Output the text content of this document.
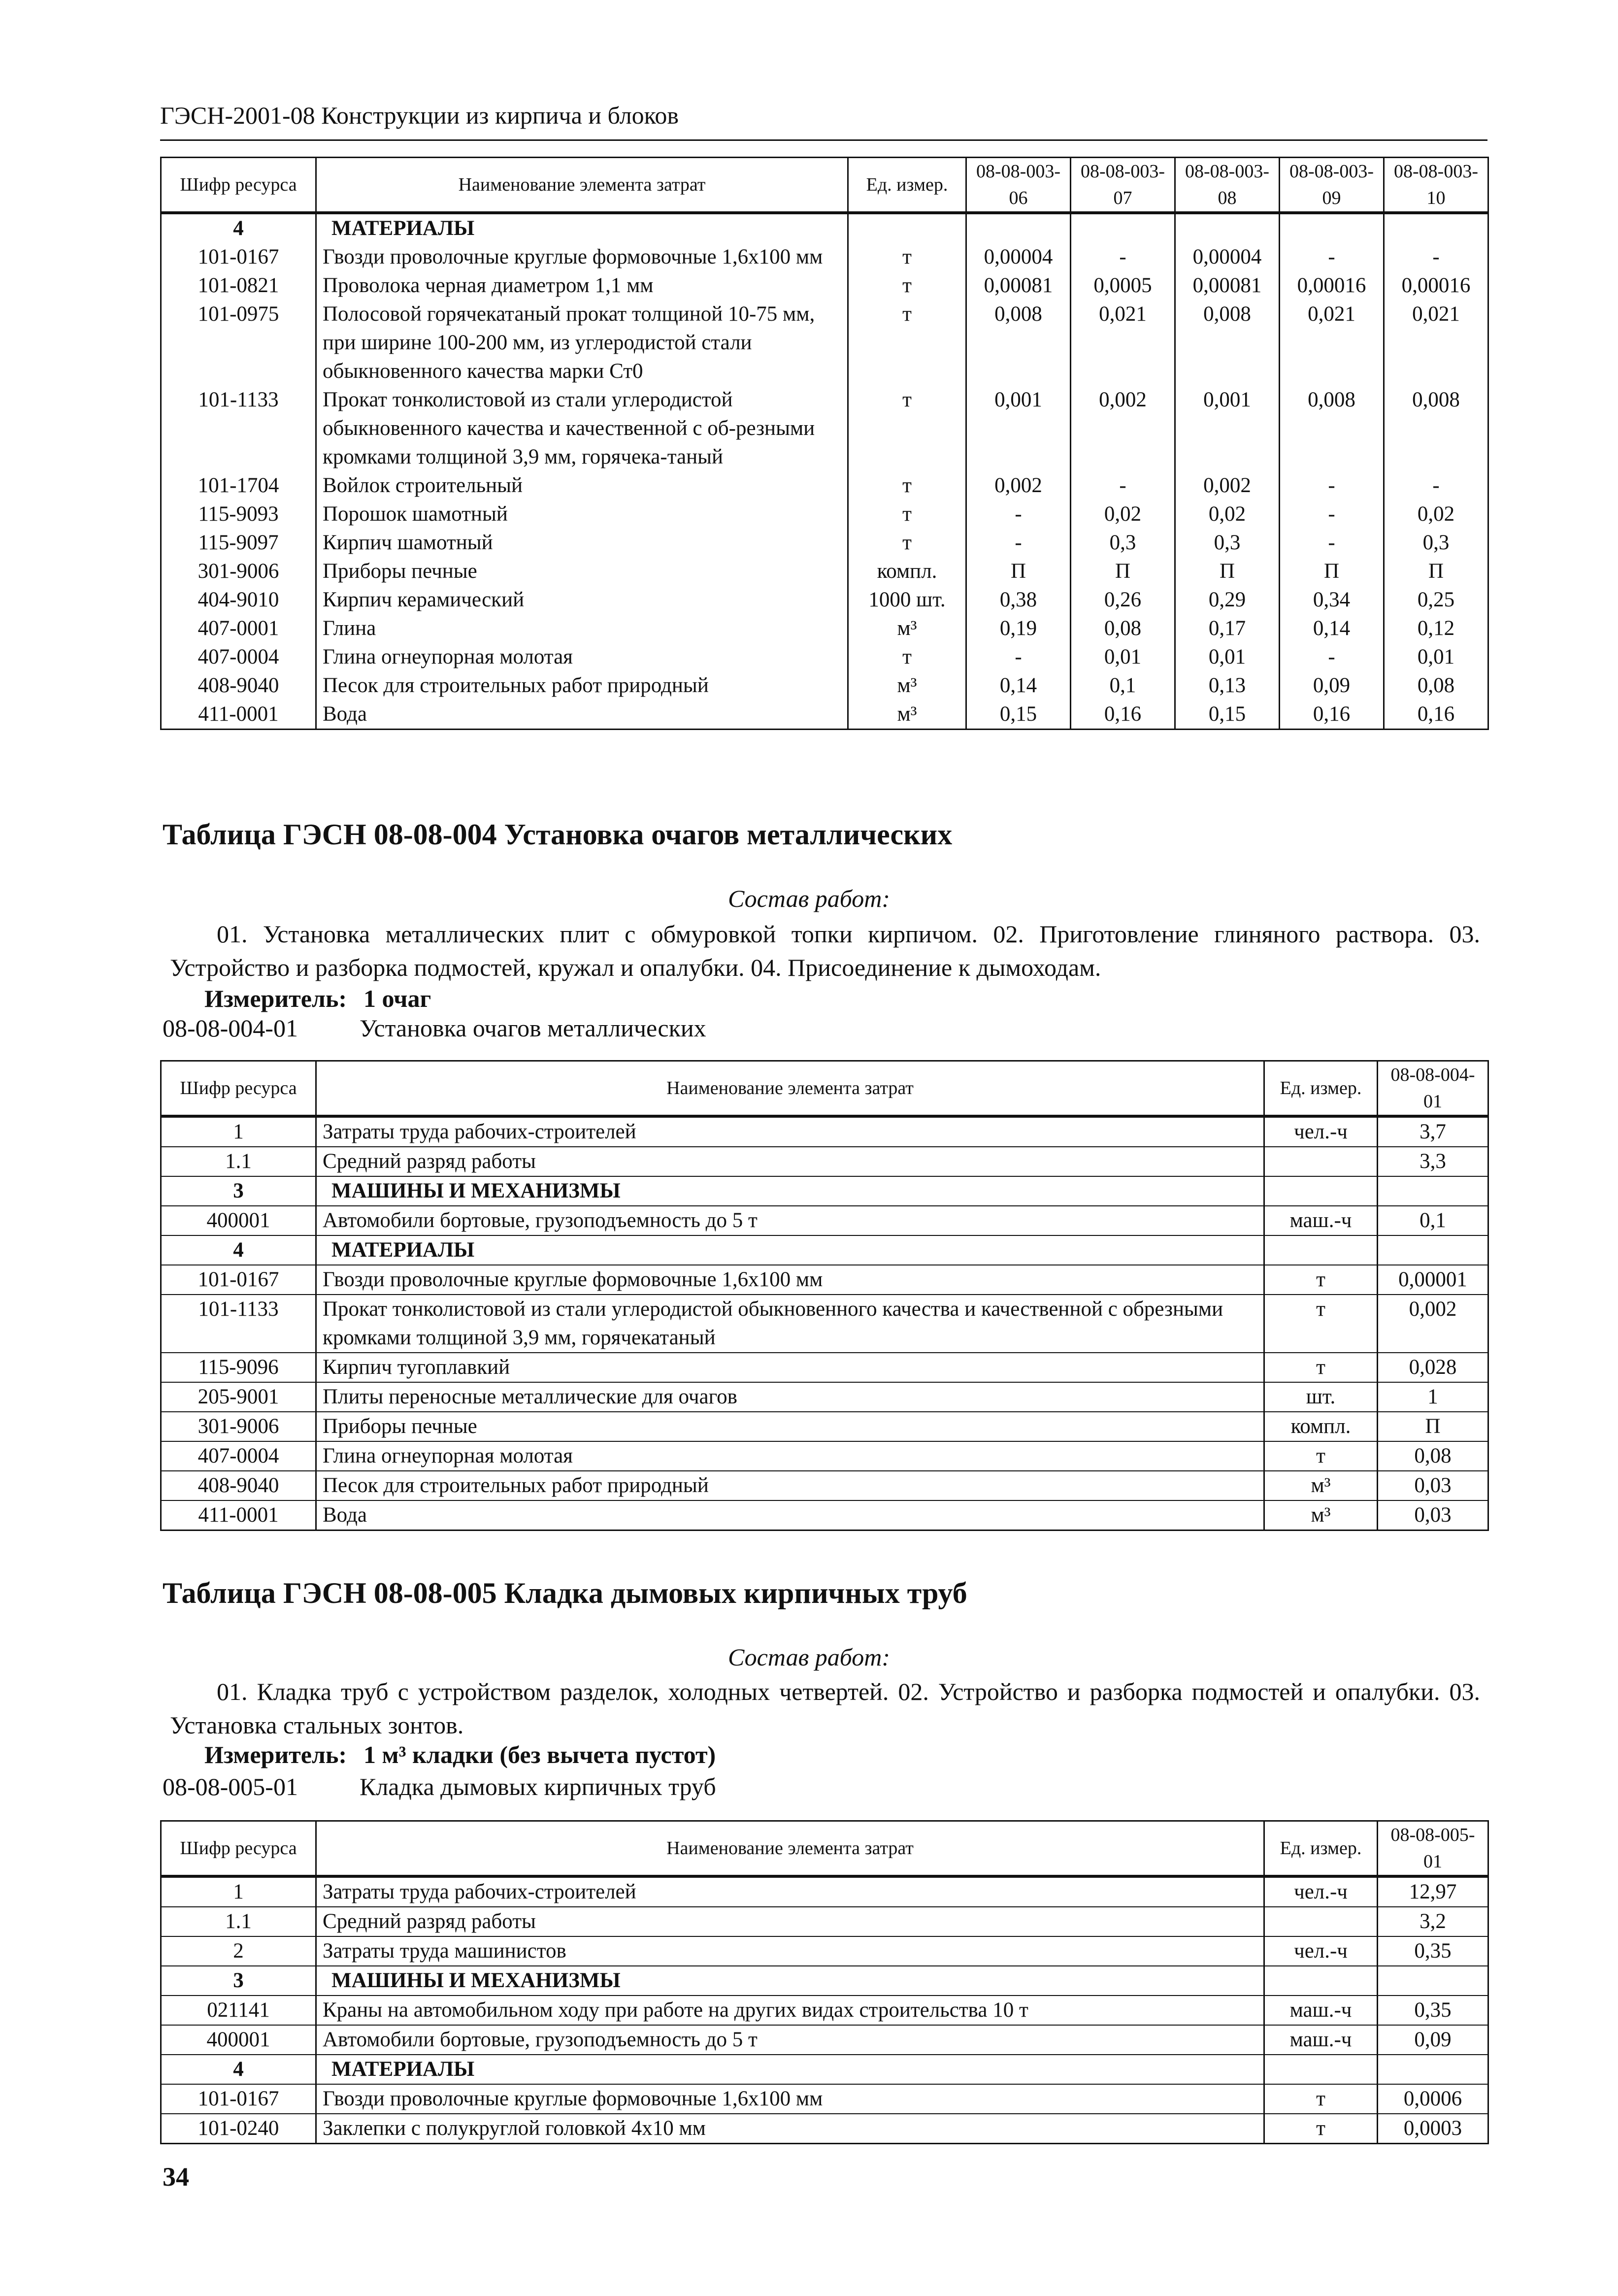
ГЭСН-2001-08 Конструкции из кирпича и блоков
Шифр ресурса	Наименование элемента затрат	Ед. измер.	08-08-003-06	08-08-003-07	08-08-003-08	08-08-003-09	08-08-003-10
4	МАТЕРИАЛЫ						
101-0167	Гвозди проволочные круглые формовочные 1,6х100 мм	т	0,00004	-	0,00004	-	-
101-0821	Проволока черная диаметром 1,1 мм	т	0,00081	0,0005	0,00081	0,00016	0,00016
101-0975	Полосовой горячекатаный прокат толщиной 10-75 мм, при ширине 100-200 мм, из углеродистой стали обыкновенного качества марки Ст0	т	0,008	0,021	0,008	0,021	0,021
101-1133	Прокат тонколистовой из стали углеродистой обыкновенного качества и качественной с об-резными кромками толщиной 3,9 мм, горячека-таный	т	0,001	0,002	0,001	0,008	0,008
101-1704	Войлок строительный	т	0,002	-	0,002	-	-
115-9093	Порошок шамотный	т	-	0,02	0,02	-	0,02
115-9097	Кирпич шамотный	т	-	0,3	0,3	-	0,3
301-9006	Приборы печные	компл.	П	П	П	П	П
404-9010	Кирпич керамический	1000 шт.	0,38	0,26	0,29	0,34	0,25
407-0001	Глина	м³	0,19	0,08	0,17	0,14	0,12
407-0004	Глина огнеупорная молотая	т	-	0,01	0,01	-	0,01
408-9040	Песок для строительных работ природный	м³	0,14	0,1	0,13	0,09	0,08
411-0001	Вода	м³	0,15	0,16	0,15	0,16	0,16
Таблица ГЭСН 08-08-004 Установка очагов металлических
Состав работ:
01. Установка металлических плит с обмуровкой топки кирпичом. 02. Приготовление глиняного раствора. 03. Устройство и разборка подмостей, кружал и опалубки. 04. Присоединение к дымоходам.
Измеритель: 1 очаг
08-08-004-01	Установка очагов металлических
Шифр ресурса	Наименование элемента затрат	Ед. измер.	08-08-004-01
1	Затраты труда рабочих-строителей	чел.-ч	3,7
1.1	Средний разряд работы		3,3
3	МАШИНЫ И МЕХАНИЗМЫ		
400001	Автомобили бортовые, грузоподъемность до 5 т	маш.-ч	0,1
4	МАТЕРИАЛЫ		
101-0167	Гвозди проволочные круглые формовочные 1,6х100 мм	т	0,00001
101-1133	Прокат тонколистовой из стали углеродистой обыкновенного качества и качественной с обрезными кромками толщиной 3,9 мм, горячекатаный	т	0,002
115-9096	Кирпич тугоплавкий	т	0,028
205-9001	Плиты переносные металлические для очагов	шт.	1
301-9006	Приборы печные	компл.	П
407-0004	Глина огнеупорная молотая	т	0,08
408-9040	Песок для строительных работ природный	м³	0,03
411-0001	Вода	м³	0,03
Таблица ГЭСН 08-08-005 Кладка дымовых кирпичных труб
Состав работ:
01. Кладка труб с устройством разделок, холодных четвертей. 02. Устройство и разборка подмостей и опалубки. 03. Установка стальных зонтов.
Измеритель: 1 м³ кладки (без вычета пустот)
08-08-005-01	Кладка дымовых кирпичных труб
Шифр ресурса	Наименование элемента затрат	Ед. измер.	08-08-005-01
1	Затраты труда рабочих-строителей	чел.-ч	12,97
1.1	Средний разряд работы		3,2
2	Затраты труда машинистов	чел.-ч	0,35
3	МАШИНЫ И МЕХАНИЗМЫ		
021141	Краны на автомобильном ходу при работе на других видах строительства 10 т	маш.-ч	0,35
400001	Автомобили бортовые, грузоподъемность до 5 т	маш.-ч	0,09
4	МАТЕРИАЛЫ		
101-0167	Гвозди проволочные круглые формовочные 1,6х100 мм	т	0,0006
101-0240	Заклепки с полукруглой головкой 4х10 мм	т	0,0003
34
